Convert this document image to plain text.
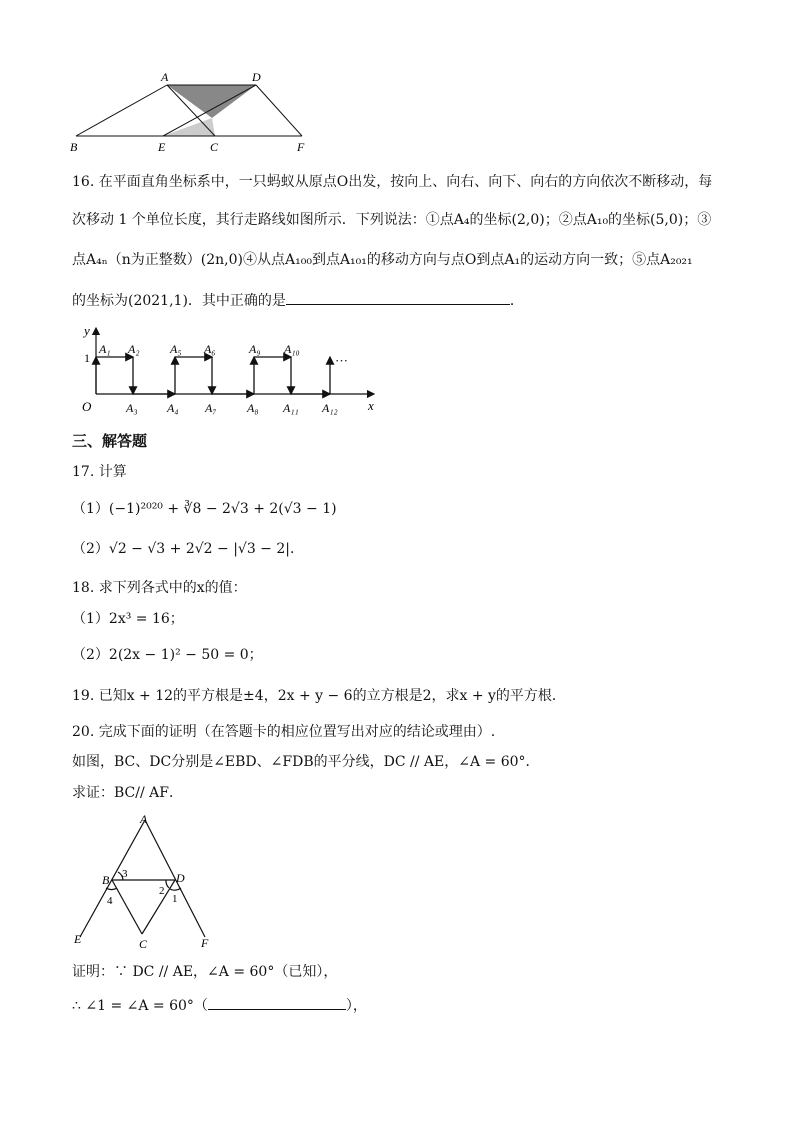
A	D
B	E	C	F
16. 在平面直角坐标系中，一只蚂蚁从原点O出发，按向上、向右、向下、向右的方向依次不断移动，每
次移动 1 个单位长度，其行走路线如图所示．下列说法：①点A₄的坐标(2,0)；②点A₁₀的坐标(5,0)；③
点A₄ₙ（n为正整数）(2n,0)④从点A₁₀₀到点A₁₀₁的移动方向与点O到点A₁的运动方向一致；⑤点A₂₀₂₁
的坐标为(2021,1)．其中正确的是	．
y
x
1
O
···
A₁ A₂	A₅ A₆	A₉ A₁₀
A₃ A₄ A₇	A₈ A₁₁ A₁₂
三、解答题
17. 计算
（1）(−1)²⁰²⁰ + ∛8 − 2√3 + 2(√3 − 1)
（2）√2 − √3 + 2√2 − |√3 − 2|．
18. 求下列各式中的x的值：
（1）2x³ = 16；
（2）2(2x − 1)² − 50 = 0；
19. 已知x + 12的平方根是±4，2x + y − 6的立方根是2，求x + y的平方根．
20. 完成下面的证明（在答题卡的相应位置写出对应的结论或理由）.
如图，BC、DC分别是∠EBD、∠FDB的平分线，DC // AE，∠A = 60°．
求证：BC// AF．
A
B	D
C
E	F
1
2
3
4
证明：∵ DC // AE，∠A = 60°（已知），
∴ ∠1 = ∠A = 60°（	），
